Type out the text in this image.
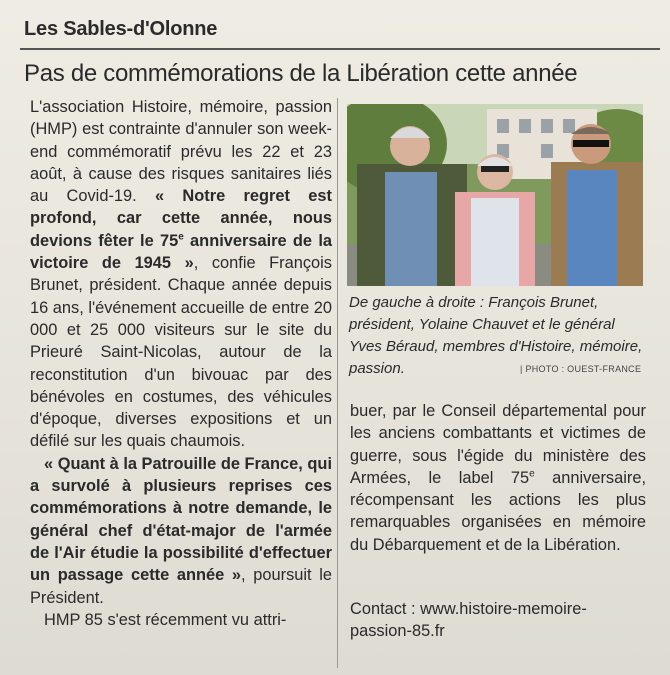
Les Sables-d'Olonne
Pas de commémorations de la Libération cette année

L'association Histoire, mémoire, passion (HMP) est contrainte d'annuler son week-end commémoratif prévu les 22 et 23 août, à cause des risques sanitaires liés au Covid-19. « Notre regret est profond, car cette année, nous devions fêter le 75e anniversaire de la victoire de 1945 », confie François Brunet, président. Chaque année depuis 16 ans, l'événement accueille de entre 20 000 et 25 000 visiteurs sur le site du Prieuré Saint-Nicolas, autour de la reconstitution d'un bivouac par des bénévoles en costumes, des véhicules d'époque, diverses expositions et un défilé sur les quais chaumois.

« Quant à la Patrouille de France, qui a survolé à plusieurs reprises ces commémorations à notre demande, le général chef d'état-major de l'armée de l'Air étudie la possibilité d'effectuer un passage cette année », poursuit le Président.

HMP 85 s'est récemment vu attri-

De gauche à droite : François Brunet, président, Yolaine Chauvet et le général Yves Béraud, membres d'Histoire, mémoire, passion.	| PHOTO : OUEST-FRANCE

buer, par le Conseil départemental pour les anciens combattants et victimes de guerre, sous l'égide du ministère des Armées, le label 75e anniversaire, récompensant les actions les plus remarquables organisées en mémoire du Débarquement et de la Libération.

Contact : www.histoire-memoire-passion-85.fr
